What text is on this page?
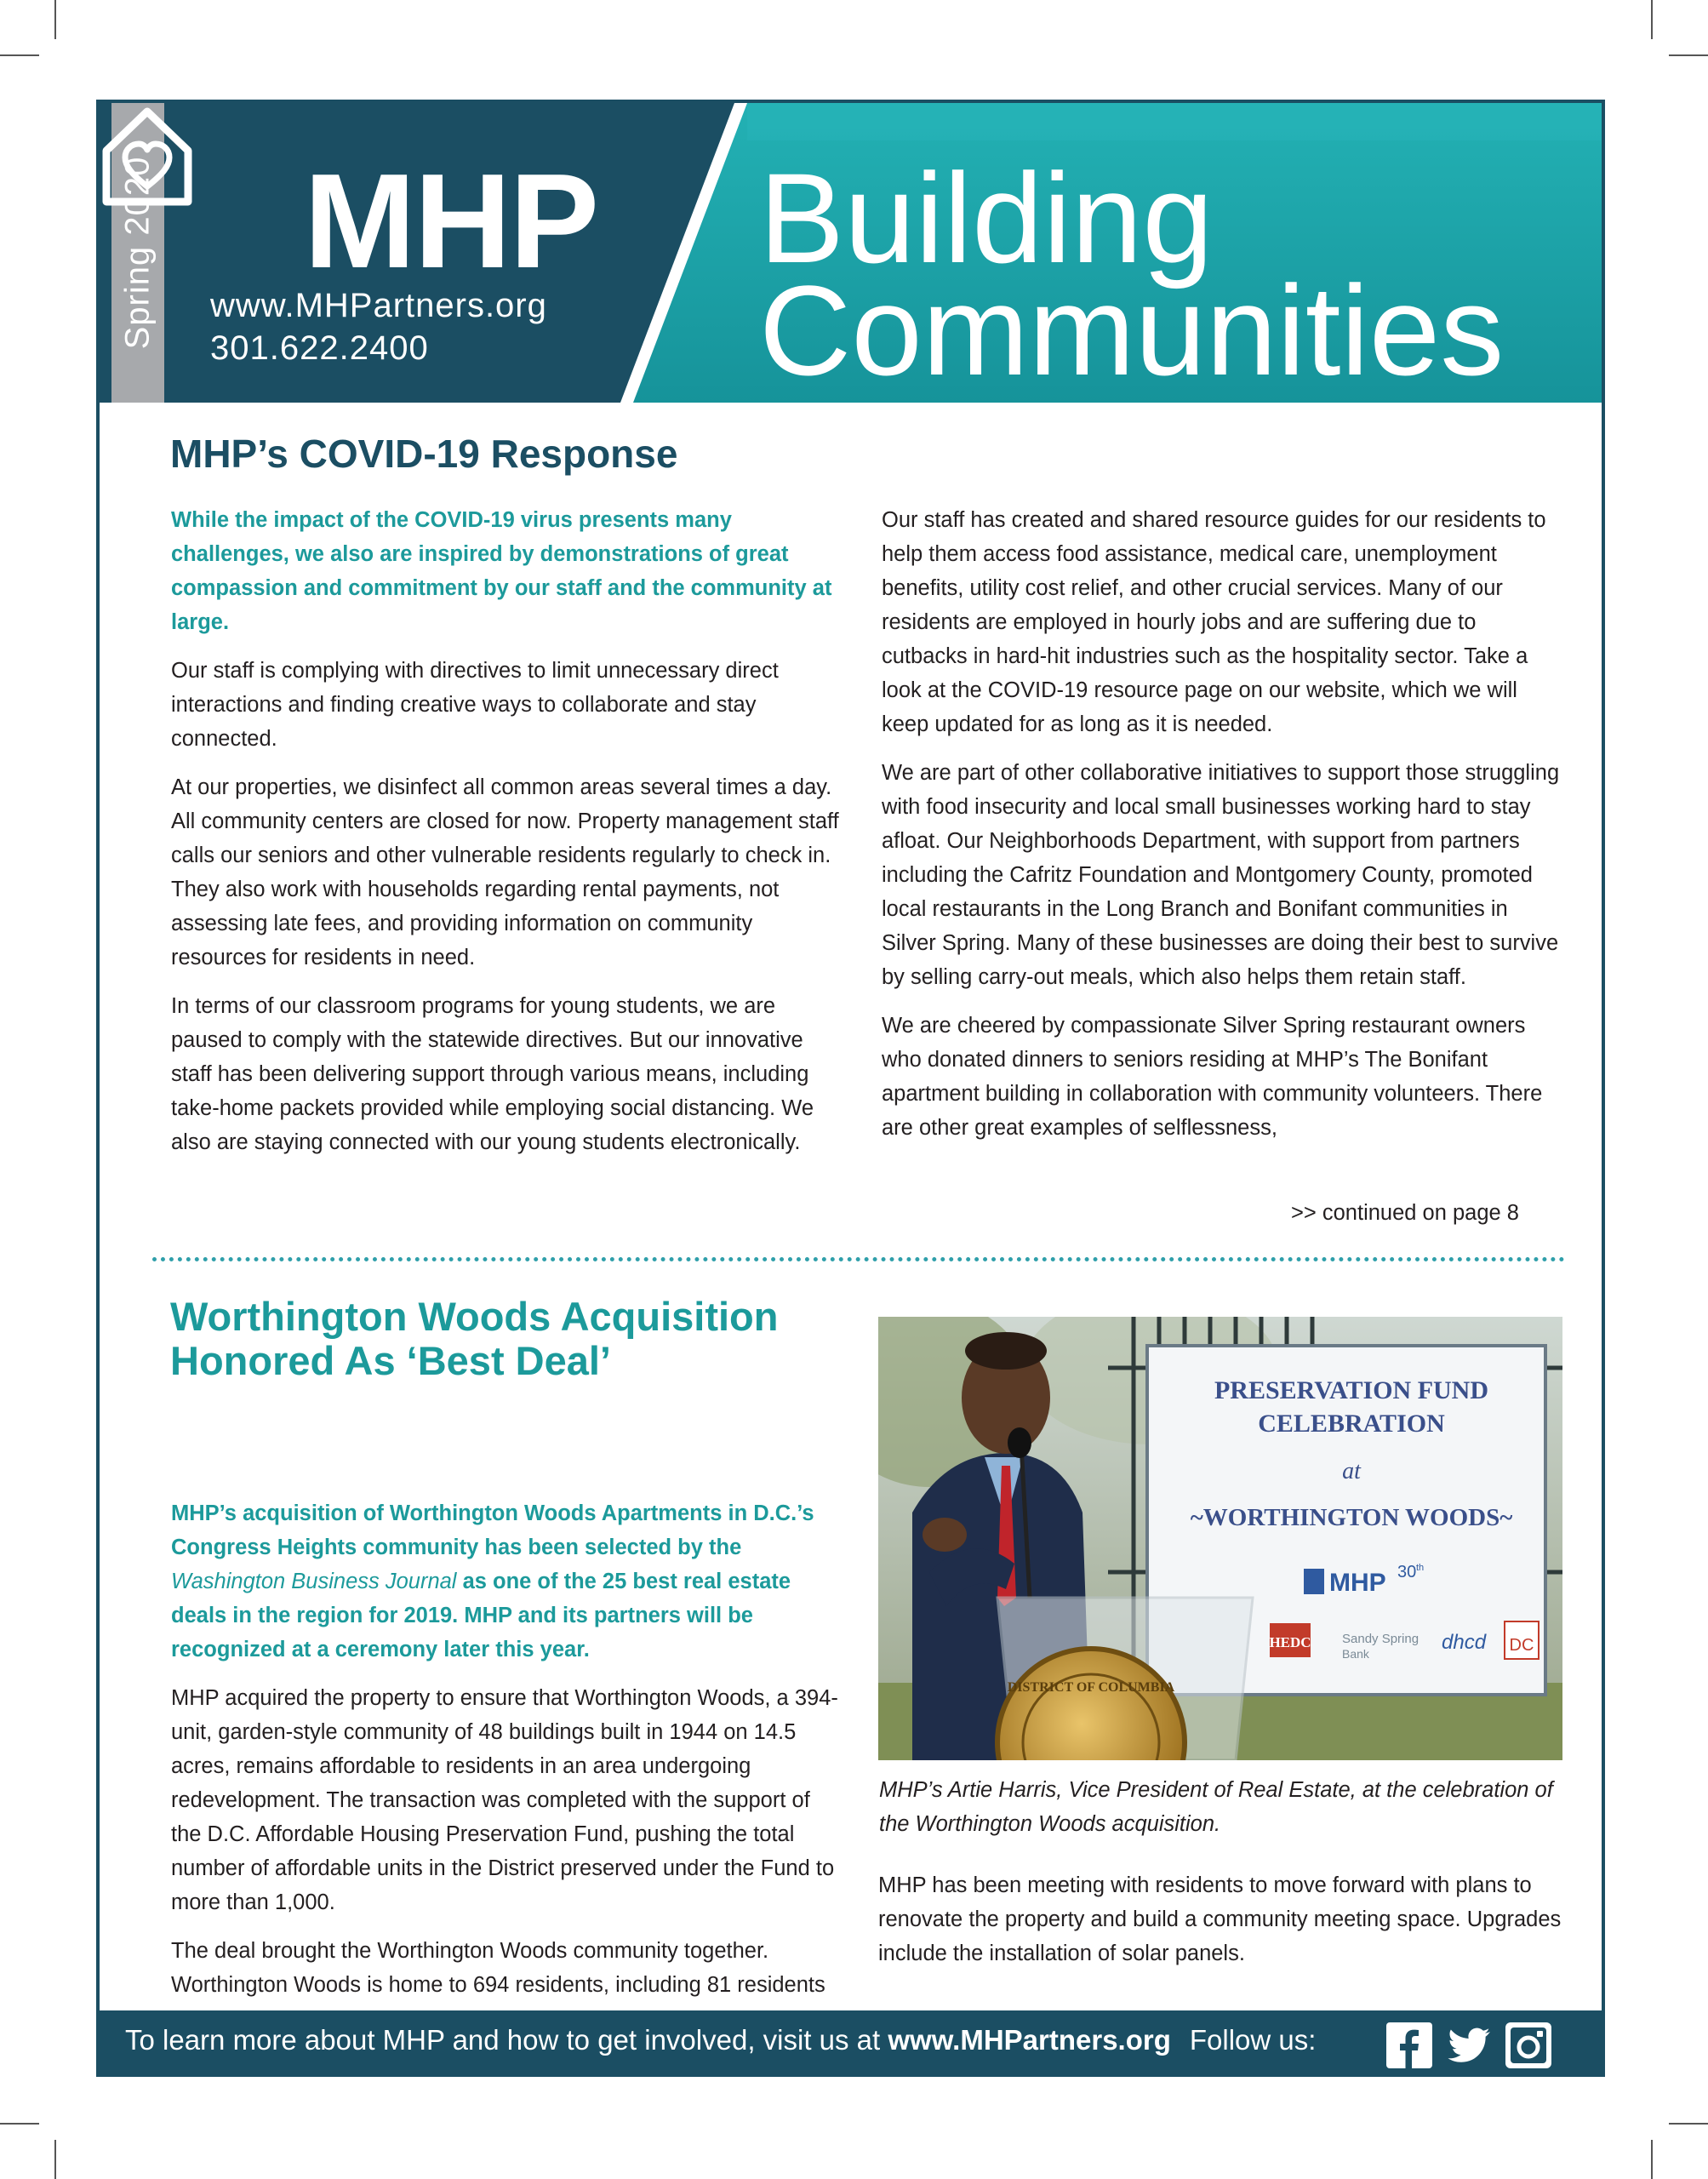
Spring 2020 MHP
www.MHPartners.org
301.622.2400
Building
Communities
MHP’s COVID-19 Response

While the impact of the COVID-19 virus presents many challenges, we also are inspired by demonstrations of great compassion and commitment by our staff and the community at large.

Our staff is complying with directives to limit unnecessary direct interactions and finding creative ways to collaborate and stay connected.

At our properties, we disinfect all common areas several times a day. All community centers are closed for now. Property management staff calls our seniors and other vulnerable residents regularly to check in. They also work with households regarding rental payments, not assessing late fees, and providing information on community resources for residents in need.

In terms of our classroom programs for young students, we are paused to comply with the statewide directives. But our innovative staff has been delivering support through various means, including take-home packets provided while employing social distancing. We also are staying connected with our young students electronically.

Our staff has created and shared resource guides for our residents to help them access food assistance, medical care, unemployment benefits, utility cost relief, and other crucial services. Many of our residents are employed in hourly jobs and are suffering due to cutbacks in hard-hit industries such as the hospitality sector. Take a look at the COVID-19 resource page on our website, which we will keep updated for as long as it is needed.

We are part of other collaborative initiatives to support those struggling with food insecurity and local small businesses working hard to stay afloat. Our Neighborhoods Department, with support from partners including the Cafritz Foundation and Montgomery County, promoted local restaurants in the Long Branch and Bonifant communities in Silver Spring. Many of these businesses are doing their best to survive by selling carry-out meals, which also helps them retain staff.

We are cheered by compassionate Silver Spring restaurant owners who donated dinners to seniors residing at MHP’s The Bonifant apartment building in collaboration with community volunteers. There are other great examples of selflessness,

>> continued on page 8
Worthington Woods Acquisition
Honored As ‘Best Deal’

MHP’s acquisition of Worthington Woods Apartments in D.C.’s Congress Heights community has been selected by the Washington Business Journal as one of the 25 best real estate deals in the region for 2019. MHP and its partners will be recognized at a ceremony later this year.

MHP acquired the property to ensure that Worthington Woods, a 394-unit, garden-style community of 48 buildings built in 1944 on 14.5 acres, remains affordable to residents in an area undergoing redevelopment. The transaction was completed with the support of the D.C. Affordable Housing Preservation Fund, pushing the total number of affordable units in the District preserved under the Fund to more than 1,000.

The deal brought the Worthington Woods community together. Worthington Woods is home to 694 residents, including 81 residents

PRESERVATION FUND
CELEBRATION
at
~WORTHINGTON WOODS~
MHP 30 th
HEDC Sandy Spring
Bank	dhcd DC
DISTRICT OF COLUMBIA
MHP’s Artie Harris, Vice President of Real Estate, at the celebration of the Worthington Woods acquisition.

MHP has been meeting with residents to move forward with plans to renovate the property and build a community meeting space. Upgrades include the installation of solar panels.

To learn more about MHP and how to get involved, visit us at www.MHPartners.org Follow us:
